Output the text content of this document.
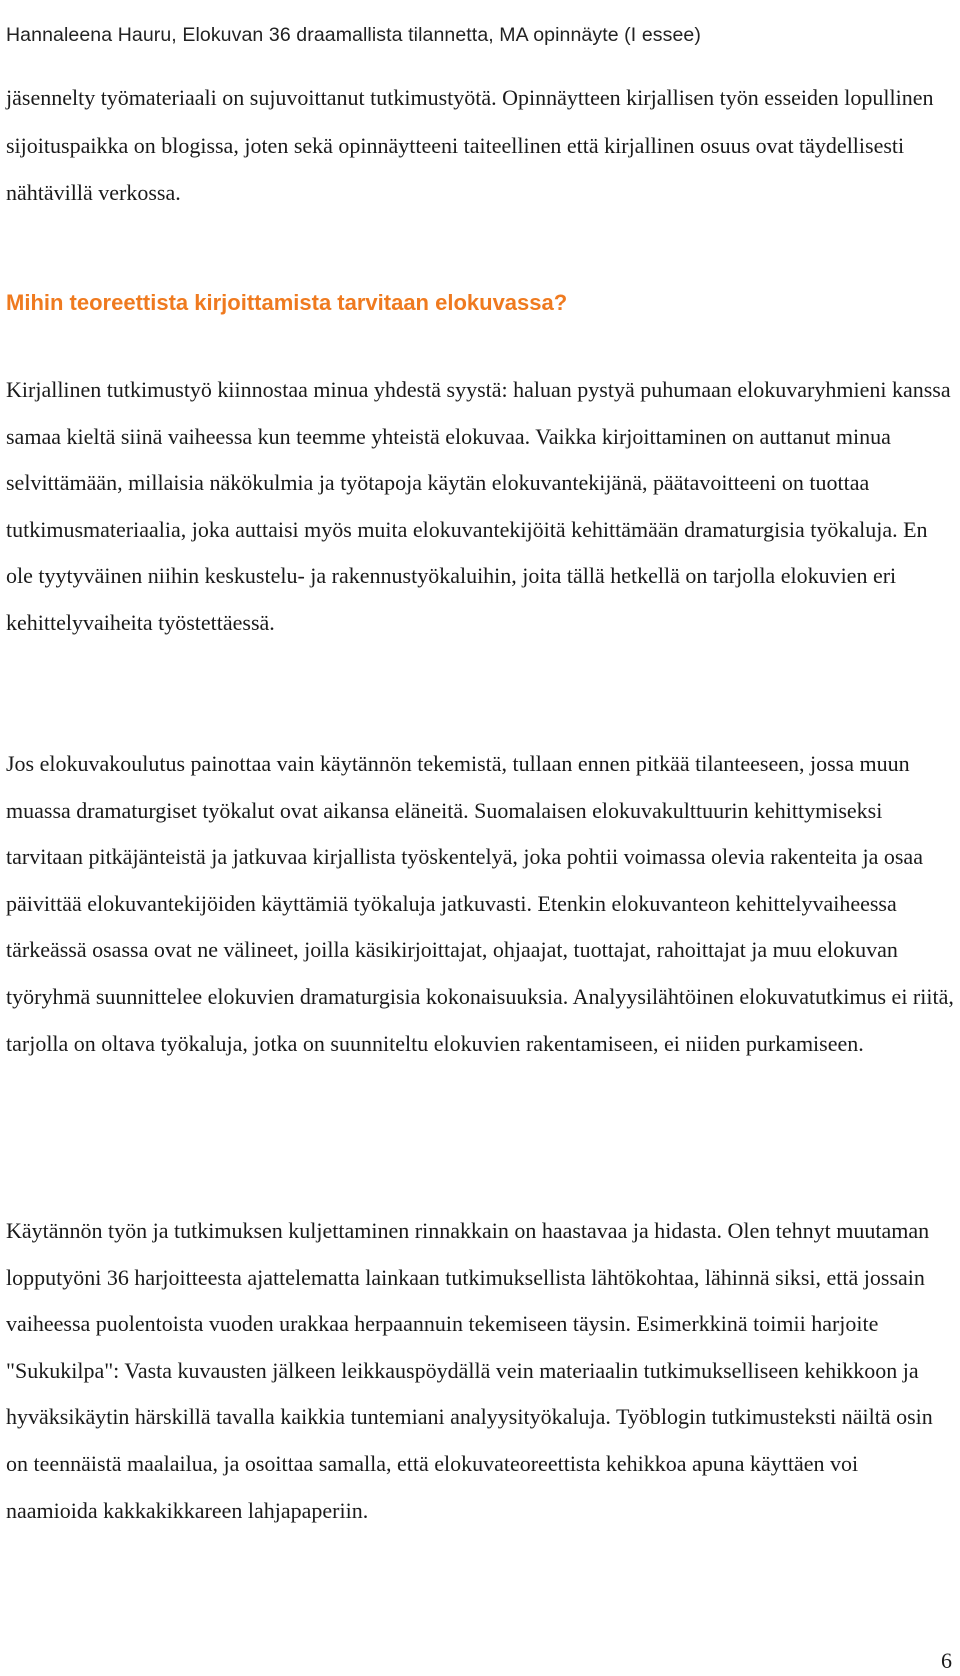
Hannaleena Hauru, Elokuvan 36 draamallista tilannetta, MA opinnäyte (I essee)

jäsennelty työmateriaali on sujuvoittanut tutkimustyötä. Opinnäytteen kirjallisen työn esseiden lopullinen sijoituspaikka on blogissa, joten sekä opinnäytteeni taiteellinen että kirjallinen osuus ovat täydellisesti nähtävillä verkossa.

Mihin teoreettista kirjoittamista tarvitaan elokuvassa?

Kirjallinen tutkimustyö kiinnostaa minua yhdestä syystä: haluan pystyä puhumaan elokuvaryhmieni kanssa samaa kieltä siinä vaiheessa kun teemme yhteistä elokuvaa. Vaikka kirjoittaminen on auttanut minua selvittämään, millaisia näkökulmia ja työtapoja käytän elokuvantekijänä, päätavoitteeni on tuottaa tutkimusmateriaalia, joka auttaisi myös muita elokuvantekijöitä kehittämään dramaturgisia työkaluja. En ole tyytyväinen niihin keskustelu- ja rakennustyökaluihin, joita tällä hetkellä on tarjolla elokuvien eri kehittelyvaiheita työstettäessä.

Jos elokuvakoulutus painottaa vain käytännön tekemistä, tullaan ennen pitkää tilanteeseen, jossa muun muassa dramaturgiset työkalut ovat aikansa eläneitä. Suomalaisen elokuvakulttuurin kehittymiseksi tarvitaan pitkäjänteistä ja jatkuvaa kirjallista työskentelyä, joka pohtii voimassa olevia rakenteita ja osaa päivittää elokuvantekijöiden käyttämiä työkaluja jatkuvasti. Etenkin elokuvanteon kehittelyvaiheessa tärkeässä osassa ovat ne välineet, joilla käsikirjoittajat, ohjaajat, tuottajat, rahoittajat ja muu elokuvan työryhmä suunnittelee elokuvien dramaturgisia kokonaisuuksia. Analyysilähtöinen elokuvatutkimus ei riitä, tarjolla on oltava työkaluja, jotka on suunniteltu elokuvien rakentamiseen, ei niiden purkamiseen.

Käytännön työn ja tutkimuksen kuljettaminen rinnakkain on haastavaa ja hidasta. Olen tehnyt muutaman lopputyöni 36 harjoitteesta ajattelematta lainkaan tutkimuksellista lähtökohtaa, lähinnä siksi, että jossain vaiheessa puolentoista vuoden urakkaa herpaannuin tekemiseen täysin. Esimerkkinä toimii harjoite "Sukukilpa": Vasta kuvausten jälkeen leikkauspöydällä vein materiaalin tutkimukselliseen kehikkoon ja hyväksikäytin härskillä tavalla kaikkia tuntemiani analyysityökaluja. Työblogin tutkimusteksti näiltä osin on teennäistä maalailua, ja osoittaa samalla, että elokuvateoreettista kehikkoa apuna käyttäen voi naamioida kakkakikkareen lahjapaperiin.

6
